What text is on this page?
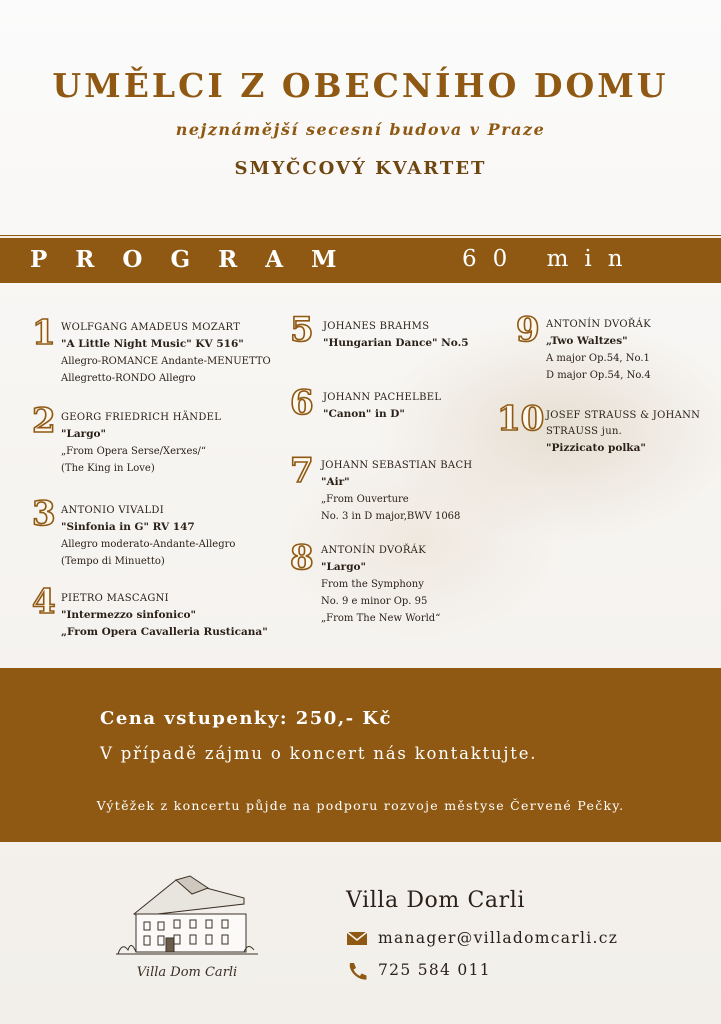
UMĚLCI Z OBECNÍHO DOMU
nejznámější secesní budova v Praze
SMYČCOVÝ KVARTET
PROGRAM	60 min
1 WOLFGANG AMADEUS MOZART
"A Little Night Music" KV 516"
Allegro-ROMANCE Andante-MENUETTO
Allegretto-RONDO Allegro
2 GEORG FRIEDRICH HÄNDEL
"Largo"
„From Opera Serse/Xerxes/“
(The King in Love)
3 ANTONIO VIVALDI
"Sinfonia in G" RV 147
Allegro moderato-Andante-Allegro
(Tempo di Minuetto)
4 PIETRO MASCAGNI
"Intermezzo sinfonico"
„From Opera Cavalleria Rusticana"
5 JOHANES BRAHMS
"Hungarian Dance" No.5
6 JOHANN PACHELBEL
"Canon" in D"
7 JOHANN SEBASTIAN BACH
"Air"
„From Ouverture
No. 3 in D major,BWV 1068
8 ANTONÍN DVOŘÁK
"Largo"
From the Symphony
No. 9 e minor Op. 95
„From The New World“
9 ANTONÍN DVOŘÁK
„Two Waltzes"
A major Op.54, No.1
D major Op.54, No.4
10 JOSEF STRAUSS & JOHANN
STRAUSS jun.
"Pizzicato polka"
Cena vstupenky: 250,- Kč
V případě zájmu o koncert nás kontaktujte.
Výtěžek z koncertu půjde na podporu rozvoje městyse Červené Pečky.
Villa Dom Carli
Villa Dom Carli
manager@villadomcarli.cz
725 584 011
